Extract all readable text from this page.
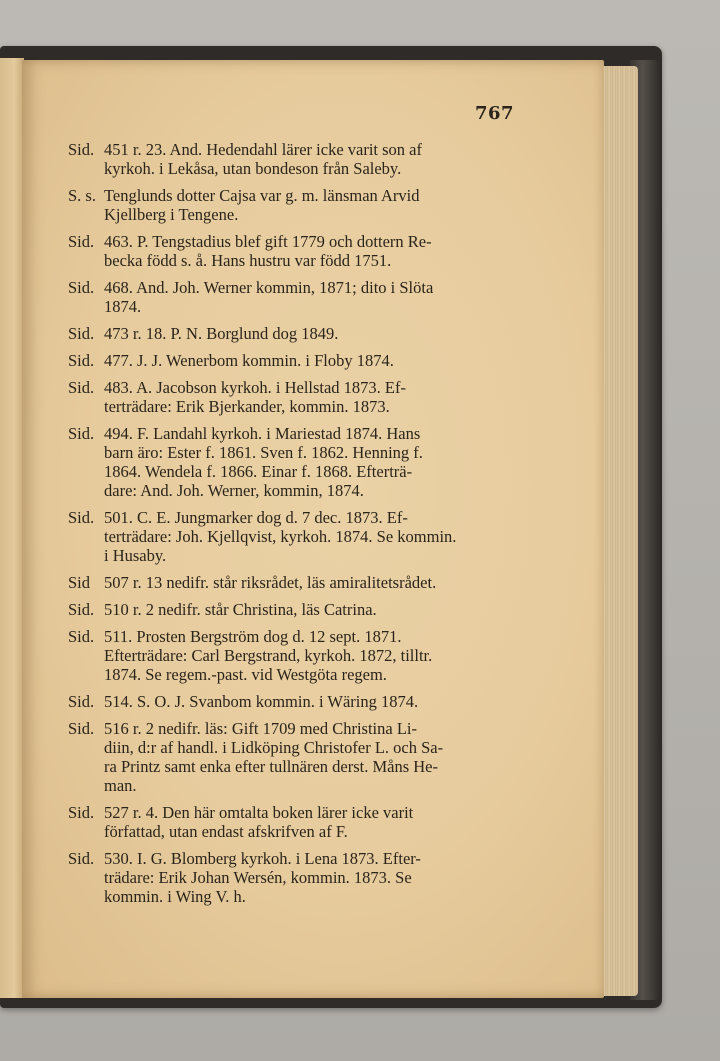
767
Sid. 451 r. 23. And. Hedendahl lärer icke varit son af
kyrkoh. i Lekåsa, utan bondeson från Saleby.
S. s. Tenglunds dotter Cajsa var g. m. länsman Arvid
Kjellberg i Tengene.
Sid. 463. P. Tengstadius blef gift 1779 och dottern Re-
becka född s. å. Hans hustru var född 1751.
Sid. 468. And. Joh. Werner kommin, 1871; dito i Slöta
1874.
Sid. 473 r. 18. P. N. Borglund dog 1849.
Sid. 477. J. J. Wenerbom kommin. i Floby 1874.
Sid. 483. A. Jacobson kyrkoh. i Hellstad 1873. Ef-
terträdare: Erik Bjerkander, kommin. 1873.
Sid. 494. F. Landahl kyrkoh. i Mariestad 1874. Hans
barn äro: Ester f. 1861. Sven f. 1862. Henning f.
1864. Wendela f. 1866. Einar f. 1868. Efterträ-
dare: And. Joh. Werner, kommin, 1874.
Sid. 501. C. E. Jungmarker dog d. 7 dec. 1873. Ef-
terträdare: Joh. Kjellqvist, kyrkoh. 1874. Se kommin.
i Husaby.
Sid 507 r. 13 nedifr. står riksrådet, läs amiralitetsrådet.
Sid. 510 r. 2 nedifr. står Christina, läs Catrina.
Sid. 511. Prosten Bergström dog d. 12 sept. 1871.
Efterträdare: Carl Bergstrand, kyrkoh. 1872, tilltr.
1874. Se regem.-past. vid Westgöta regem.
Sid. 514. S. O. J. Svanbom kommin. i Wäring 1874.
Sid. 516 r. 2 nedifr. läs: Gift 1709 med Christina Li-
diin, d:r af handl. i Lidköping Christofer L. och Sa-
ra Printz samt enka efter tullnären derst. Måns He-
man.
Sid. 527 r. 4. Den här omtalta boken lärer icke varit
författad, utan endast afskrifven af F.
Sid. 530. I. G. Blomberg kyrkoh. i Lena 1873. Efter-
trädare: Erik Johan Wersén, kommin. 1873. Se
kommin. i Wing V. h.
